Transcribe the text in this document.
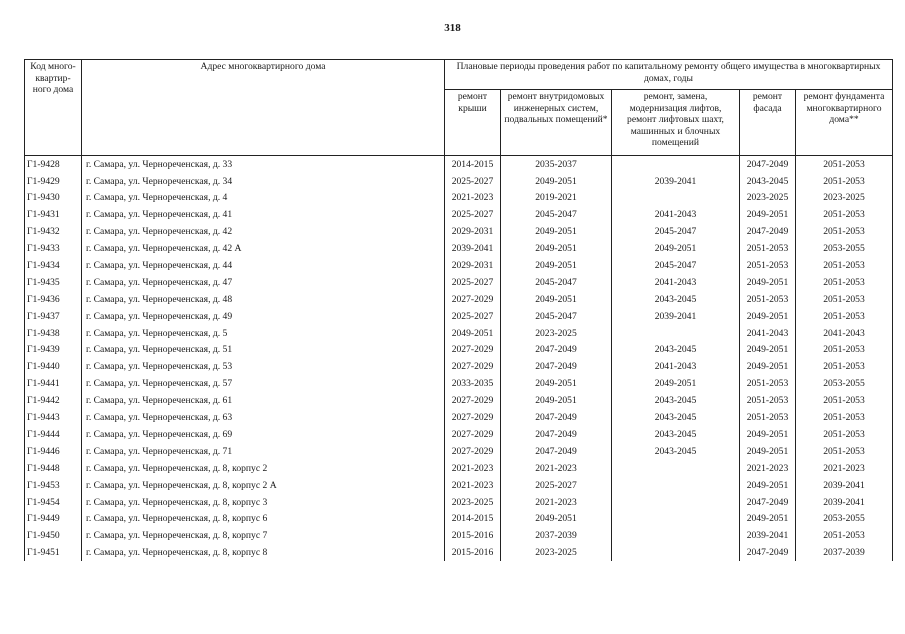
318
Код много-квартир-ного дома	Адрес многоквартирного дома	Плановые периоды проведения работ по капитальному ремонту общего имущества в многоквартирных домах, годы				
		ремонт крыши	ремонт внутридомовых инженерных систем, подвальных помещений*	ремонт, замена, модернизация лифтов, ремонт лифтовых шахт, машинных и блочных помещений	ремонт фасада	ремонт фундамента многоквартирного дома**
Г1-9428	г. Самара, ул. Чернореченская, д. 33	2014-2015	2035-2037		2047-2049	2051-2053
Г1-9429	г. Самара, ул. Чернореченская, д. 34	2025-2027	2049-2051	2039-2041	2043-2045	2051-2053
Г1-9430	г. Самара, ул. Чернореченская, д. 4	2021-2023	2019-2021		2023-2025	2023-2025
Г1-9431	г. Самара, ул. Чернореченская, д. 41	2025-2027	2045-2047	2041-2043	2049-2051	2051-2053
Г1-9432	г. Самара, ул. Чернореченская, д. 42	2029-2031	2049-2051	2045-2047	2047-2049	2051-2053
Г1-9433	г. Самара, ул. Чернореченская, д. 42 А	2039-2041	2049-2051	2049-2051	2051-2053	2053-2055
Г1-9434	г. Самара, ул. Чернореченская, д. 44	2029-2031	2049-2051	2045-2047	2051-2053	2051-2053
Г1-9435	г. Самара, ул. Чернореченская, д. 47	2025-2027	2045-2047	2041-2043	2049-2051	2051-2053
Г1-9436	г. Самара, ул. Чернореченская, д. 48	2027-2029	2049-2051	2043-2045	2051-2053	2051-2053
Г1-9437	г. Самара, ул. Чернореченская, д. 49	2025-2027	2045-2047	2039-2041	2049-2051	2051-2053
Г1-9438	г. Самара, ул. Чернореченская, д. 5	2049-2051	2023-2025		2041-2043	2041-2043
Г1-9439	г. Самара, ул. Чернореченская, д. 51	2027-2029	2047-2049	2043-2045	2049-2051	2051-2053
Г1-9440	г. Самара, ул. Чернореченская, д. 53	2027-2029	2047-2049	2041-2043	2049-2051	2051-2053
Г1-9441	г. Самара, ул. Чернореченская, д. 57	2033-2035	2049-2051	2049-2051	2051-2053	2053-2055
Г1-9442	г. Самара, ул. Чернореченская, д. 61	2027-2029	2049-2051	2043-2045	2051-2053	2051-2053
Г1-9443	г. Самара, ул. Чернореченская, д. 63	2027-2029	2047-2049	2043-2045	2051-2053	2051-2053
Г1-9444	г. Самара, ул. Чернореченская, д. 69	2027-2029	2047-2049	2043-2045	2049-2051	2051-2053
Г1-9446	г. Самара, ул. Чернореченская, д. 71	2027-2029	2047-2049	2043-2045	2049-2051	2051-2053
Г1-9448	г. Самара, ул. Чернореченская, д. 8, корпус 2	2021-2023	2021-2023		2021-2023	2021-2023
Г1-9453	г. Самара, ул. Чернореченская, д. 8, корпус 2 А	2021-2023	2025-2027		2049-2051	2039-2041
Г1-9454	г. Самара, ул. Чернореченская, д. 8, корпус 3	2023-2025	2021-2023		2047-2049	2039-2041
Г1-9449	г. Самара, ул. Чернореченская, д. 8, корпус 6	2014-2015	2049-2051		2049-2051	2053-2055
Г1-9450	г. Самара, ул. Чернореченская, д. 8, корпус 7	2015-2016	2037-2039		2039-2041	2051-2053
Г1-9451	г. Самара, ул. Чернореченская, д. 8, корпус 8	2015-2016	2023-2025		2047-2049	2037-2039
